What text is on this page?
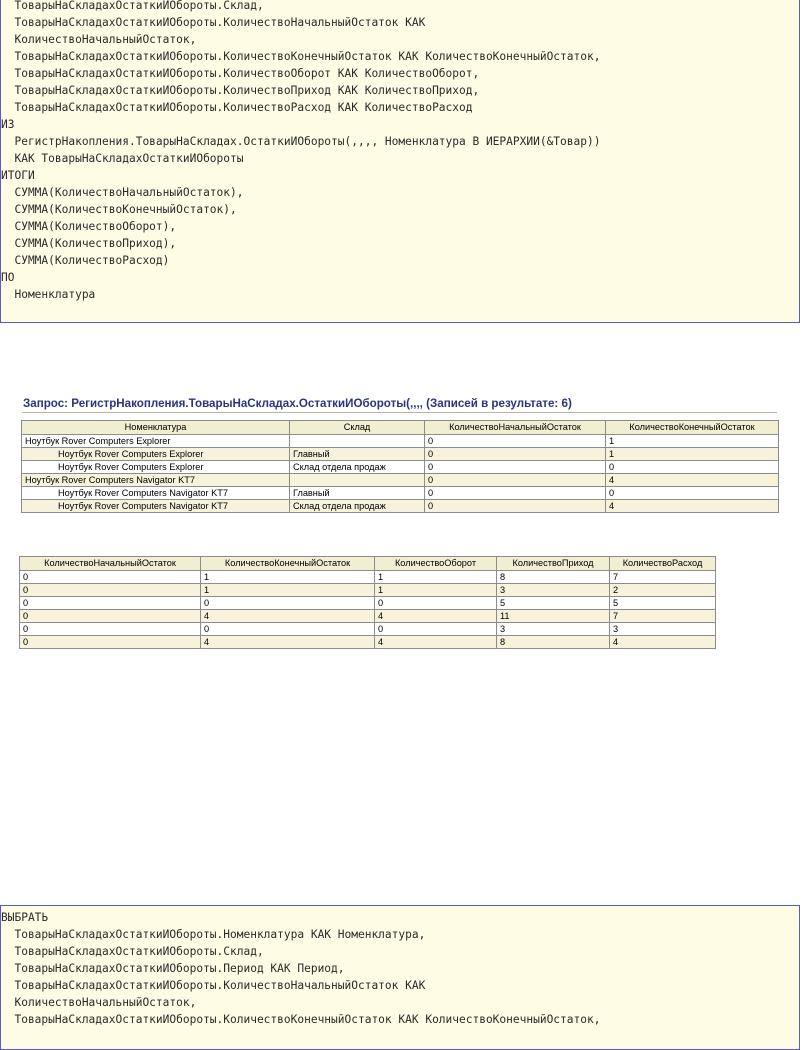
ТоварыНаСкладахОстаткиИОбороты.Склад,
ТоварыНаСкладахОстаткиИОбороты.КоличествоНачальныйОстаток КАК
КоличествоНачальныйОстаток,
ТоварыНаСкладахОстаткиИОбороты.КоличествоКонечныйОстаток КАК КоличествоКонечныйОстаток,
ТоварыНаСкладахОстаткиИОбороты.КоличествоОборот КАК КоличествоОборот,
ТоварыНаСкладахОстаткиИОбороты.КоличествоПриход КАК КоличествоПриход,
ТоварыНаСкладахОстаткиИОбороты.КоличествоРасход КАК КоличествоРасход
ИЗ
РегистрНакопления.ТоварыНаСкладах.ОстаткиИОбороты(,,,, Номенклатура В ИЕРАРХИИ(&Товар))
КАК ТоварыНаСкладахОстаткиИОбороты
ИТОГИ
СУММА(КоличествоНачальныйОстаток),
СУММА(КоличествоКонечныйОстаток),
СУММА(КоличествоОборот),
СУММА(КоличествоПриход),
СУММА(КоличествоРасход)
ПО
Номенклатура
Запрос: РегистрНакопления.ТоварыНаСкладах.ОстаткиИОбороты(,,,, (Записей в результате: 6)
Номенклатура	Склад	КоличествоНачальныйОстаток	КоличествоКонечныйОстаток
Ноутбук Rover Computers Explorer		0	1
Ноутбук Rover Computers Explorer	Главный	0	1
Ноутбук Rover Computers Explorer	Склад отдела продаж	0	0
Ноутбук Rover Computers Navigator KT7		0	4
Ноутбук Rover Computers Navigator KT7	Главный	0	0
Ноутбук Rover Computers Navigator KT7	Склад отдела продаж	0	4
КоличествоНачальныйОстаток	КоличествоКонечныйОстаток	КоличествоОборот	КоличествоПриход	КоличествоРасход
0	1	1	8	7
0	1	1	3	2
0	0	0	5	5
0	4	4	11	7
0	0	0	3	3
0	4	4	8	4
ВЫБРАТЬ
ТоварыНаСкладахОстаткиИОбороты.Номенклатура КАК Номенклатура,
ТоварыНаСкладахОстаткиИОбороты.Склад,
ТоварыНаСкладахОстаткиИОбороты.Период КАК Период,
ТоварыНаСкладахОстаткиИОбороты.КоличествоНачальныйОстаток КАК
КоличествоНачальныйОстаток,
ТоварыНаСкладахОстаткиИОбороты.КоличествоКонечныйОстаток КАК КоличествоКонечныйОстаток,
